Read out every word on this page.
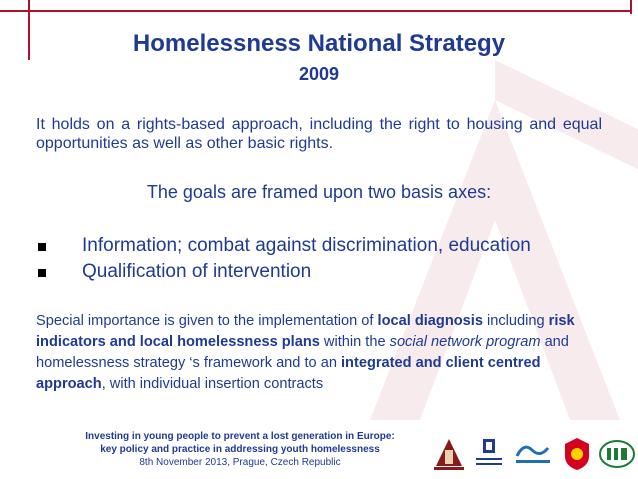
Homelessness National Strategy
2009
It holds on a rights-based approach, including the right to housing and equal opportunities as well as other basic rights.
The goals are framed upon two basis axes:
Information; combat against discrimination, education
Qualification of intervention
Special importance is given to the implementation of local diagnosis including risk indicators and local homelessness plans within the social network program and homelessness strategy ‘s framework and to an integrated and client centred approach, with individual insertion contracts
Investing in young people to prevent a lost generation in Europe:
key policy and practice in addressing youth homelessness
8th November 2013, Prague, Czech Republic
